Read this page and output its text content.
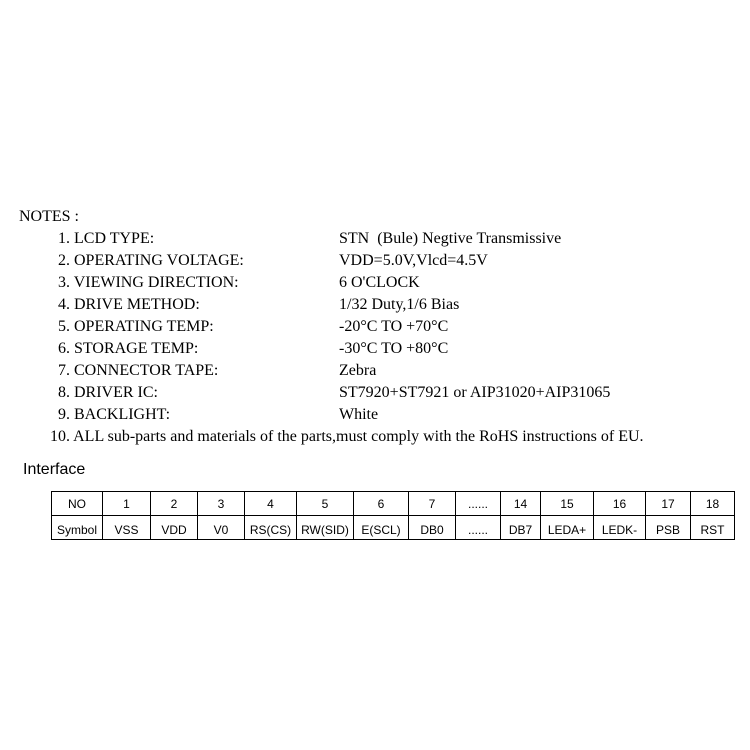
NOTES :
1. LCD TYPE:	STN  (Bule) Negtive Transmissive
2. OPERATING VOLTAGE:	VDD=5.0V,Vlcd=4.5V
3. VIEWING DIRECTION:	6 O'CLOCK
4. DRIVE METHOD:	1/32 Duty,1/6 Bias
5. OPERATING TEMP:	-20°C TO +70°C
6. STORAGE TEMP:	-30°C TO +80°C
7. CONNECTOR TAPE:	Zebra
8. DRIVER IC:	ST7920+ST7921 or AIP31020+AIP31065
9. BACKLIGHT:	White
10. ALL sub-parts and materials of the parts,must comply with the RoHS instructions of EU.
Interface
NO	1	2	3	4	5	6	7	......	14	15	16	17	18
Symbol	VSS	VDD	V0	RS(CS)	RW(SID)	E(SCL)	DB0	......	DB7	LEDA+	LEDK-	PSB	RST
